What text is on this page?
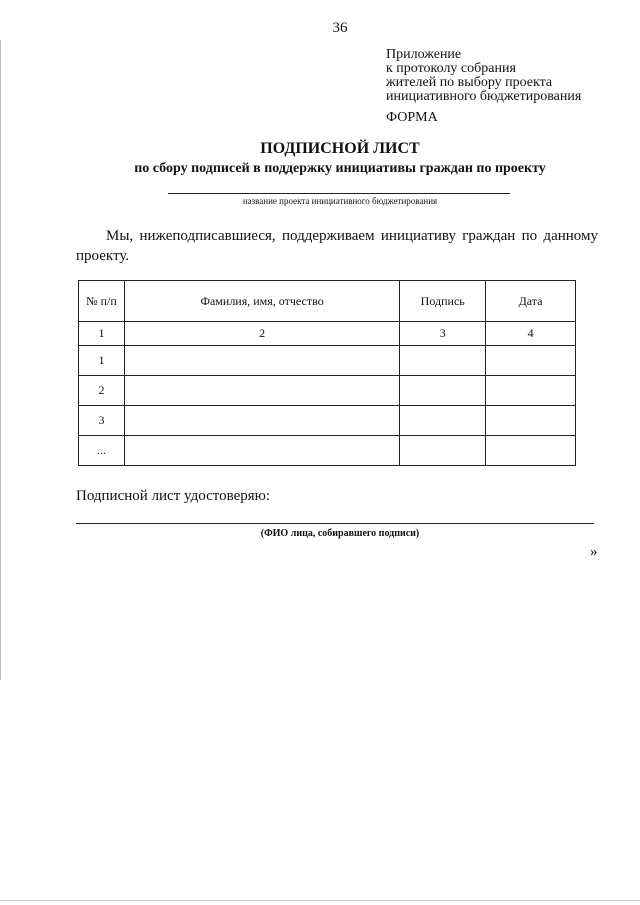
36
Приложение
к протоколу собрания
жителей по выбору проекта
инициативного бюджетирования
ФОРМА
ПОДПИСНОЙ ЛИСТ
по сбору подписей в поддержку инициативы граждан по проекту
название проекта инициативного бюджетирования
Мы, нижеподписавшиеся, поддерживаем инициативу граждан по данному проекту.
№ п/п	Фамилия, имя, отчество	Подпись	Дата
1	2	3	4
1			
2			
3			
...			
Подписной лист удостоверяю:
(ФИО лица, собиравшего подписи)
»
